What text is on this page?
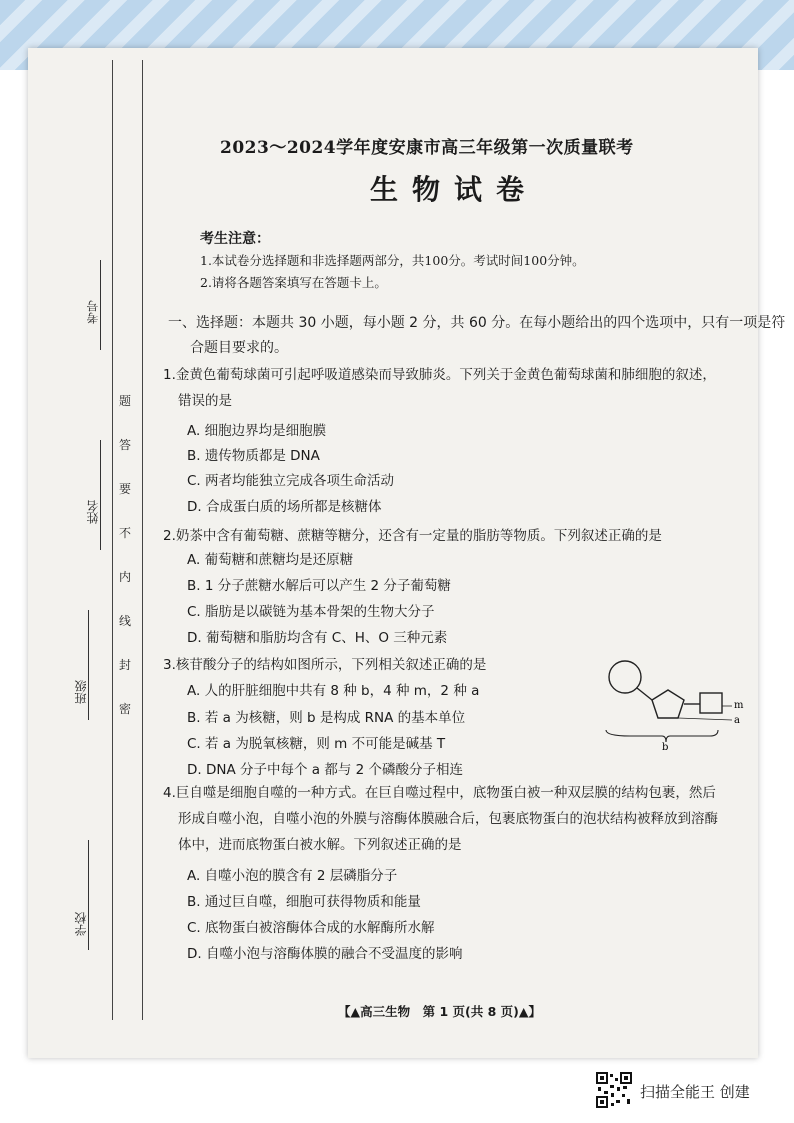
考号
姓名
班级
学校
题
答
要
不
内
线
封
密
2023～2024学年度安康市高三年级第一次质量联考
生物试卷
考生注意：
1.本试卷分选择题和非选择题两部分，共100分。考试时间100分钟。
2.请将各题答案填写在答题卡上。
一、选择题：本题共 30 小题，每小题 2 分，共 60 分。在每小题给出的四个选项中，只有一项是符
合题目要求的。
1.金黄色葡萄球菌可引起呼吸道感染而导致肺炎。下列关于金黄色葡萄球菌和肺细胞的叙述，
错误的是
A. 细胞边界均是细胞膜
B. 遗传物质都是 DNA
C. 两者均能独立完成各项生命活动
D. 合成蛋白质的场所都是核糖体
2.奶茶中含有葡萄糖、蔗糖等糖分，还含有一定量的脂肪等物质。下列叙述正确的是
A. 葡萄糖和蔗糖均是还原糖
B. 1 分子蔗糖水解后可以产生 2 分子葡萄糖
C. 脂肪是以碳链为基本骨架的生物大分子
D. 葡萄糖和脂肪均含有 C、H、O 三种元素
3.核苷酸分子的结构如图所示，下列相关叙述正确的是
A. 人的肝脏细胞中共有 8 种 b，4 种 m，2 种 a
B. 若 a 为核糖，则 b 是构成 RNA 的基本单位
C. 若 a 为脱氧核糖，则 m 不可能是碱基 T
D. DNA 分子中每个 a 都与 2 个磷酸分子相连
m
a
b
4.巨自噬是细胞自噬的一种方式。在巨自噬过程中，底物蛋白被一种双层膜的结构包裹，然后
形成自噬小泡，自噬小泡的外膜与溶酶体膜融合后，包裹底物蛋白的泡状结构被释放到溶酶
体中，进而底物蛋白被水解。下列叙述正确的是
A. 自噬小泡的膜含有 2 层磷脂分子
B. 通过巨自噬，细胞可获得物质和能量
C. 底物蛋白被溶酶体合成的水解酶所水解
D. 自噬小泡与溶酶体膜的融合不受温度的影响
【▲高三生物　第 1 页(共 8 页)▲】
扫描全能王 创建
